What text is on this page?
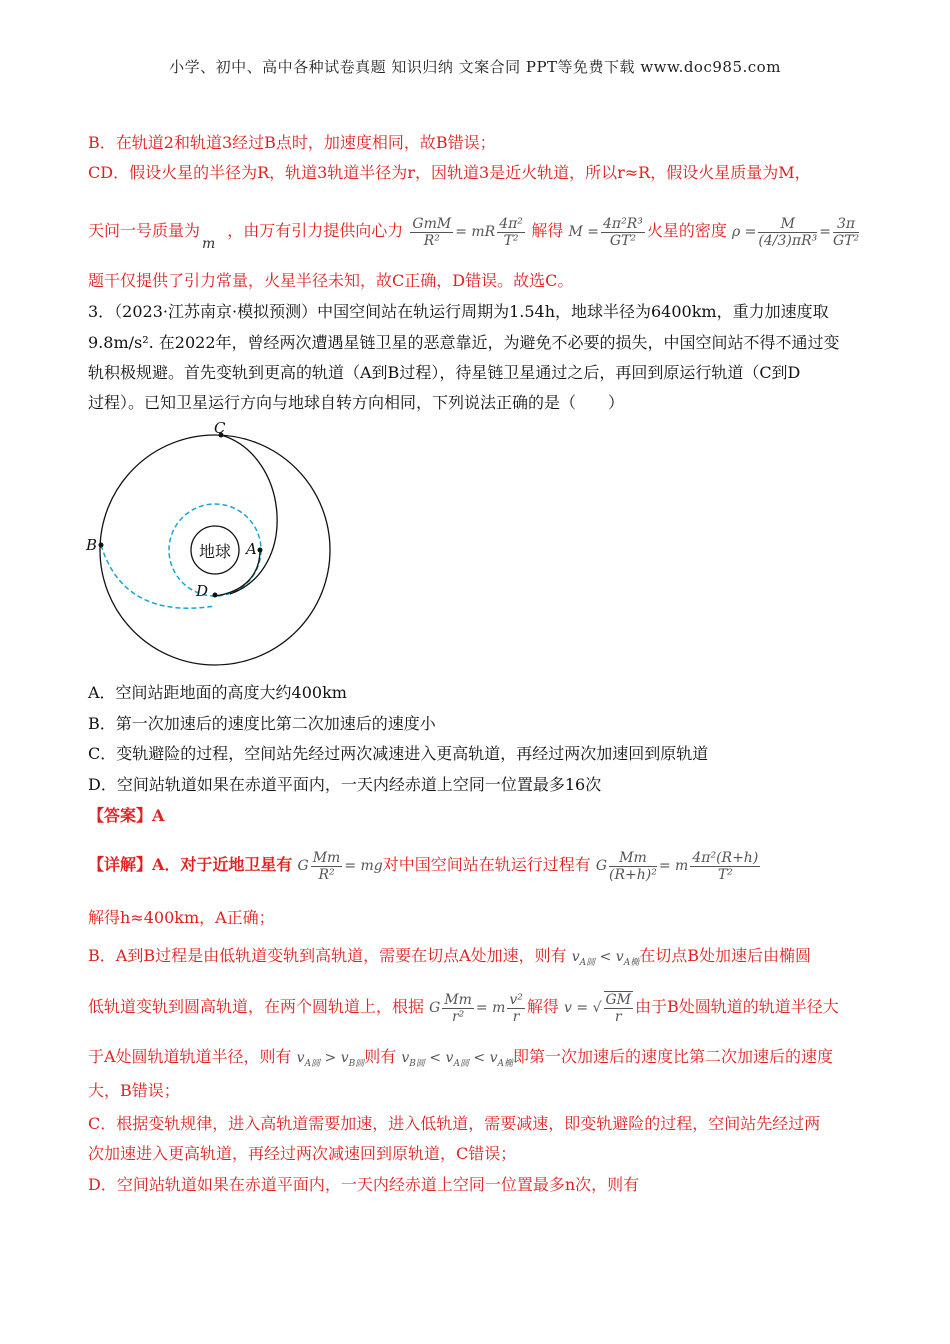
小学、初中、高中各种试卷真题 知识归纳 文案合同 PPT等免费下载 www.doc985.com
B．在轨道2和轨道3经过B点时，加速度相同，故B错误；
CD．假设火星的半径为R，轨道3轨道半径为r，因轨道3是近火轨道，所以r≈R，假设火星质量为M，
天问一号质量为m，由万有引力提供向心力 $\frac{\text{GmM}}{\text{R²}}$ = mR $\frac{\text{4π²}}{\text{T²}}$ 解得 $M = \frac{\text{4π²R³}}{\text{GT²}}$ 火星的密度 $\rho = \frac{M}{\text{(4/3)πR³}} = \frac{3\pi}{\text{GT²}}$
题干仅提供了引力常量，火星半径未知，故C正确，D错误。故选C。
3．（2023·江苏南京·模拟预测）中国空间站在轨运行周期为1.54h，地球半径为6400km，重力加速度取
9.8m/s². 在2022年，曾经两次遭遇星链卫星的恶意靠近，为避免不必要的损失，中国空间站不得不通过变
轨积极规避。首先变轨到更高的轨道（A到B过程），待星链卫星通过之后，再回到原运行轨道（C到D
过程）。已知卫星运行方向与地球自转方向相同，下列说法正确的是（　　）
地球
C
B	A
D
A．空间站距地面的高度大约400km
B．第一次加速后的速度比第二次加速后的速度小
C．变轨避险的过程，空间站先经过两次减速进入更高轨道，再经过两次加速回到原轨道
D．空间站轨道如果在赤道平面内，一天内经赤道上空同一位置最多16次
【答案】A
【详解】A．对于近地卫星有 G $\frac{Mm}{\text{R²}}$ = mg对中国空间站在轨运行过程有 G $\frac{Mm}{\text{(R+h)²}} = m \frac{\text{4π²(R+h)}}{\text{T²}}$
解得h≈400km，A正确；
B．A到B过程是由低轨道变轨到高轨道，需要在切点A处加速，则有 $v_{A圆} < v_{A椭}$在切点B处加速后由椭圆
低轨道变轨到圆高轨道，在两个圆轨道上，根据 G $\frac{Mm}{\text{r²}} = m \frac{\text{v²}}{r}$ 解得 v = √ $\frac{GM}{r}$ 由于B处圆轨道的轨道半径大
于A处圆轨道轨道半径，则有 $v_{A圆} > v_{B圆}$则有 $v_{B圆} < v_{A圆} < v_{A椭}$即第一次加速后的速度比第二次加速后的速度
大，B错误；
C．根据变轨规律，进入高轨道需要加速，进入低轨道，需要减速，即变轨避险的过程，空间站先经过两
次加速进入更高轨道，再经过两次减速回到原轨道，C错误；
D．空间站轨道如果在赤道平面内，一天内经赤道上空同一位置最多n次，则有
